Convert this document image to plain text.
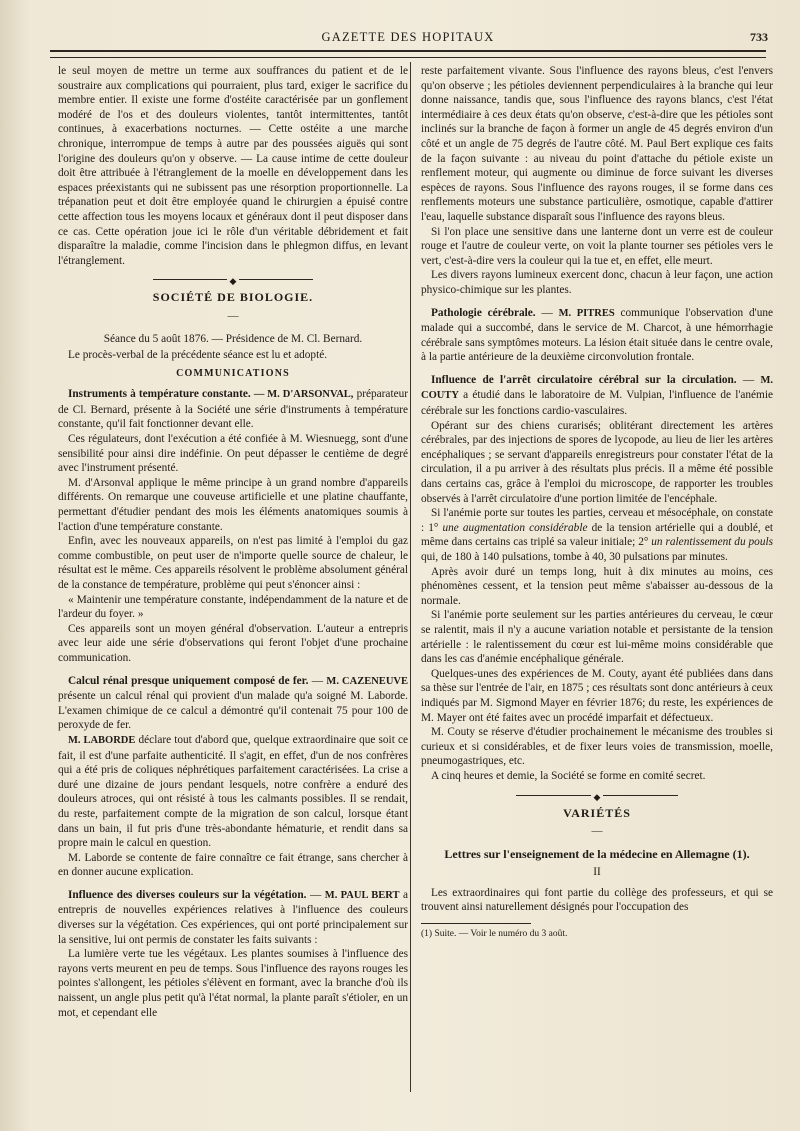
GAZETTE DES HOPITAUX	733

le seul moyen de mettre un terme aux souffrances du patient et de le soustraire aux complications qui pourraient, plus tard, exiger le sacrifice du membre entier. Il existe une forme d'ostéite caractérisée par un gonflement modéré de l'os et des douleurs violentes, tantôt intermittentes, tantôt continues, à exacerbations nocturnes. — Cette ostéite a une marche chronique, interrompue de temps à autre par des poussées aiguës qui sont l'origine des douleurs qu'on y observe. — La cause intime de cette douleur doit être attribuée à l'étranglement de la moelle en développement dans les espaces préexistants qui ne subissent pas une résorption proportionnelle. La trépanation peut et doit être employée quand le chirurgien a épuisé contre cette affection tous les moyens locaux et généraux dont il peut disposer dans ce cas. Cette opération joue ici le rôle d'un véritable débridement et fait disparaître la maladie, comme l'incision dans le phlegmon diffus, en levant l'étranglement.

◆
SOCIÉTÉ DE BIOLOGIE.
—
Séance du 5 août 1876. — Présidence de M. Cl. Bernard.

Le procès-verbal de la précédente séance est lu et adopté.

COMMUNICATIONS

Instruments à température constante. — M. D'ARSONVAL, préparateur de Cl. Bernard, présente à la Société une série d'instruments à température constante, qu'il fait fonctionner devant elle.

Ces régulateurs, dont l'exécution a été confiée à M. Wiesnuegg, sont d'une sensibilité pour ainsi dire indéfinie. On peut dépasser le centième de degré avec l'instrument présenté.

M. d'Arsonval applique le même principe à un grand nombre d'appareils différents. On remarque une couveuse artificielle et une platine chauffante, permettant d'étudier pendant des mois les éléments anatomiques soumis à l'action d'une température constante.

Enfin, avec les nouveaux appareils, on n'est pas limité à l'emploi du gaz comme combustible, on peut user de n'importe quelle source de chaleur, le résultat est le même. Ces appareils résolvent le problème absolument général de la constance de température, problème qui peut s'énoncer ainsi :

« Maintenir une température constante, indépendamment de la nature et de l'ardeur du foyer. »

Ces appareils sont un moyen général d'observation. L'auteur a entrepris avec leur aide une série d'observations qui feront l'objet d'une prochaine communication.

Calcul rénal presque uniquement composé de fer. — M. CAZENEUVE présente un calcul rénal qui provient d'un malade qu'a soigné M. Laborde. L'examen chimique de ce calcul a démontré qu'il contenait 75 pour 100 de peroxyde de fer.

M. LABORDE déclare tout d'abord que, quelque extraordinaire que soit ce fait, il est d'une parfaite authenticité. Il s'agit, en effet, d'un de nos confrères qui a été pris de coliques néphrétiques parfaitement caractérisées. La crise a duré une dizaine de jours pendant lesquels, notre confrère a enduré des douleurs atroces, qui ont résisté à tous les calmants possibles. Il se rendait, du reste, parfaitement compte de la migration de son calcul, lorsque étant dans un bain, il fut pris d'une très-abondante hématurie, et rendit dans sa propre main le calcul en question.

M. Laborde se contente de faire connaître ce fait étrange, sans chercher à en donner aucune explication.

Influence des diverses couleurs sur la végétation. — M. PAUL BERT a entrepris de nouvelles expériences relatives à l'influence des couleurs diverses sur la végétation. Ces expériences, qui ont porté principalement sur la sensitive, lui ont permis de constater les faits suivants :

La lumière verte tue les végétaux. Les plantes soumises à l'influence des rayons verts meurent en peu de temps. Sous l'influence des rayons rouges les pointes s'allongent, les pétioles s'élèvent en formant, avec la branche d'où ils naissent, un angle plus petit qu'à l'état normal, la plante paraît s'étioler, en un mot, et cependant elle

reste parfaitement vivante. Sous l'influence des rayons bleus, c'est l'envers qu'on observe ; les pétioles deviennent perpendiculaires à la branche qui leur donne naissance, tandis que, sous l'influence des rayons blancs, c'est l'état intermédiaire à ces deux états qu'on observe, c'est-à-dire que les pétioles sont inclinés sur la branche de façon à former un angle de 45 degrés environ d'un côté et un angle de 75 degrés de l'autre côté. M. Paul Bert explique ces faits de la façon suivante : au niveau du point d'attache du pétiole existe un renflement moteur, qui augmente ou diminue de force suivant les diverses espèces de rayons. Sous l'influence des rayons rouges, il se forme dans ces renflements moteurs une substance particulière, osmotique, capable d'attirer l'eau, laquelle substance disparaît sous l'influence des rayons bleus.

Si l'on place une sensitive dans une lanterne dont un verre est de couleur rouge et l'autre de couleur verte, on voit la plante tourner ses pétioles vers le vert, c'est-à-dire vers la couleur qui la tue et, en effet, elle meurt.

Les divers rayons lumineux exercent donc, chacun à leur façon, une action physico-chimique sur les plantes.

Pathologie cérébrale. — M. PITRES communique l'observation d'une malade qui a succombé, dans le service de M. Charcot, à une hémorrhagie cérébrale sans symptômes moteurs. La lésion était située dans le centre ovale, à la partie antérieure de la deuxième circonvolution frontale.

Influence de l'arrêt circulatoire cérébral sur la circulation. — M. COUTY a étudié dans le laboratoire de M. Vulpian, l'influence de l'anémie cérébrale sur les fonctions cardio-vasculaires.

Opérant sur des chiens curarisés; oblitérant directement les artères cérébrales, par des injections de spores de lycopode, au lieu de lier les artères encéphaliques ; se servant d'appareils enregistreurs pour constater l'état de la circulation, il a pu arriver à des résultats plus précis. Il a même été possible dans certains cas, grâce à l'emploi du microscope, de rapporter les troubles observés à l'arrêt circulatoire d'une portion limitée de l'encéphale.

Si l'anémie porte sur toutes les parties, cerveau et mésocéphale, on constate : 1° une augmentation considérable de la tension artérielle qui a doublé, et même dans certains cas triplé sa valeur initiale; 2° un ralentissement du pouls qui, de 180 à 140 pulsations, tombe à 40, 30 pulsations par minutes.

Après avoir duré un temps long, huit à dix minutes au moins, ces phénomènes cessent, et la tension peut même s'abaisser au-dessous de la normale.

Si l'anémie porte seulement sur les parties antérieures du cerveau, le cœur se ralentit, mais il n'y a aucune variation notable et persistante de la tension artérielle : le ralentissement du cœur est lui-même moins considérable que dans les cas d'anémie encéphalique générale.

Quelques-unes des expériences de M. Couty, ayant été publiées dans dans sa thèse sur l'entrée de l'air, en 1875 ; ces résultats sont donc antérieurs à ceux indiqués par M. Sigmond Mayer en février 1876; du reste, les expériences de M. Mayer ont été faites avec un procédé imparfait et défectueux.

M. Couty se réserve d'étudier prochainement le mécanisme des troubles si curieux et si considérables, et de fixer leurs voies de transmission, moelle, pneumogastriques, etc.

A cinq heures et demie, la Société se forme en comité secret.

◆
VARIÉTÉS
—
Lettres sur l'enseignement de la médecine en Allemagne (1).
II

Les extraordinaires qui font partie du collège des professeurs, et qui se trouvent ainsi naturellement désignés pour l'occupation des

(1) Suite. — Voir le numéro du 3 août.
